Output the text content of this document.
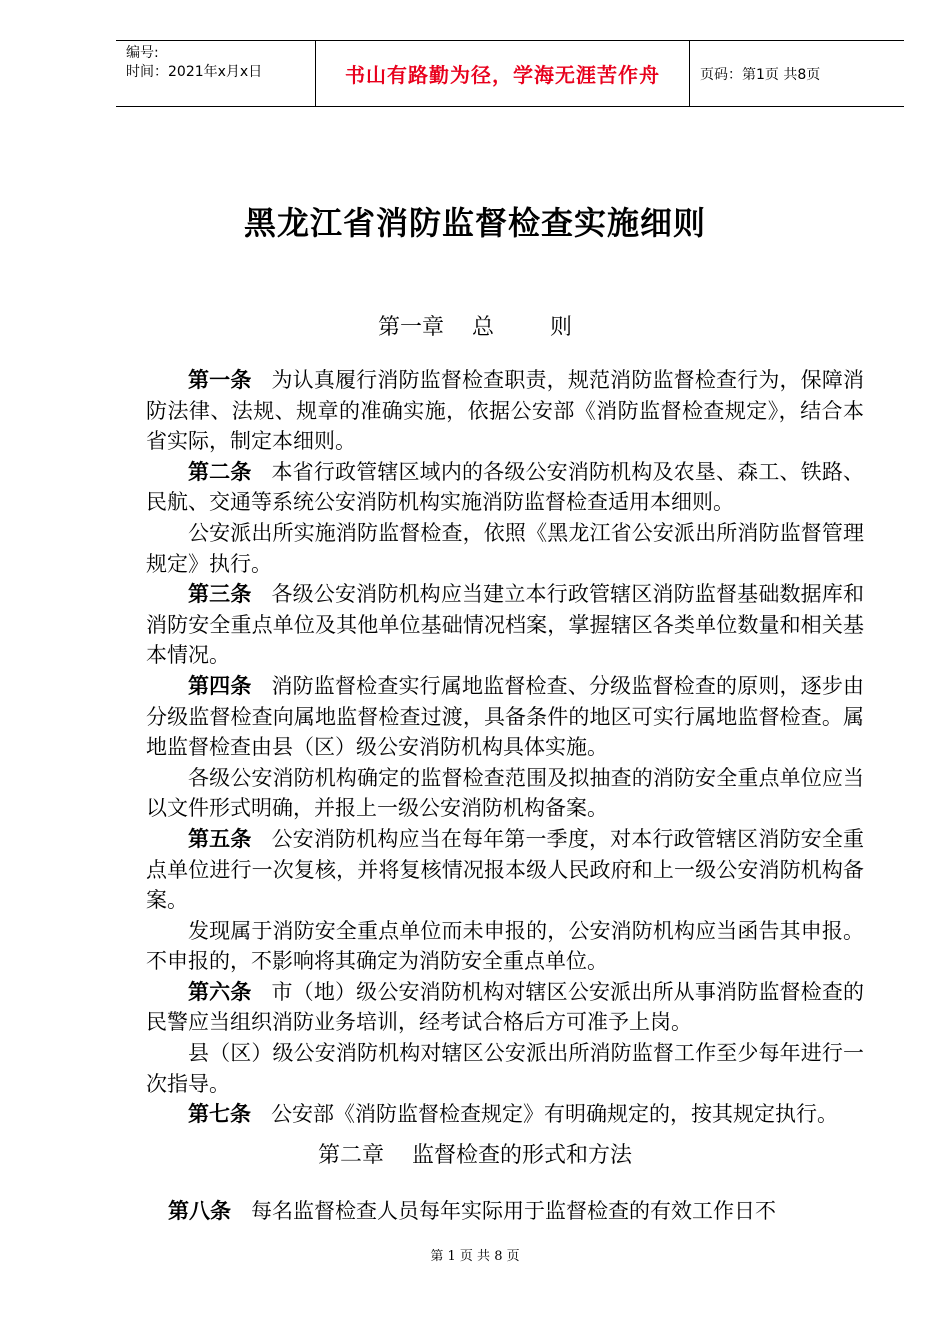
编号:
时间：2021年x月x日	书山有路勤为径，学海无涯苦作舟	页码：第1页 共8页
黑龙江省消防监督检查实施细则
第一章 总	则

第一条 为认真履行消防监督检查职责，规范消防监督检查行为，保障消防法律、法规、规章的准确实施，依据公安部《消防监督检查规定》，结合本省实际，制定本细则。

第二条 本省行政管辖区域内的各级公安消防机构及农垦、森工、铁路、民航、交通等系统公安消防机构实施消防监督检查适用本细则。

公安派出所实施消防监督检查，依照《黑龙江省公安派出所消防监督管理规定》执行。

第三条 各级公安消防机构应当建立本行政管辖区消防监督基础数据库和消防安全重点单位及其他单位基础情况档案，掌握辖区各类单位数量和相关基本情况。

第四条 消防监督检查实行属地监督检查、分级监督检查的原则，逐步由分级监督检查向属地监督检查过渡，具备条件的地区可实行属地监督检查。属地监督检查由县（区）级公安消防机构具体实施。

各级公安消防机构确定的监督检查范围及拟抽查的消防安全重点单位应当以文件形式明确，并报上一级公安消防机构备案。

第五条 公安消防机构应当在每年第一季度，对本行政管辖区消防安全重点单位进行一次复核，并将复核情况报本级人民政府和上一级公安消防机构备案。

发现属于消防安全重点单位而未申报的，公安消防机构应当函告其申报。不申报的，不影响将其确定为消防安全重点单位。

第六条 市（地）级公安消防机构对辖区公安派出所从事消防监督检查的民警应当组织消防业务培训，经考试合格后方可准予上岗。

县（区）级公安消防机构对辖区公安派出所消防监督工作至少每年进行一次指导。

第七条 公安部《消防监督检查规定》有明确规定的，按其规定执行。

第二章 监督检查的形式和方法
第八条 每名监督检查人员每年实际用于监督检查的有效工作日不
第 1 页 共 8 页
